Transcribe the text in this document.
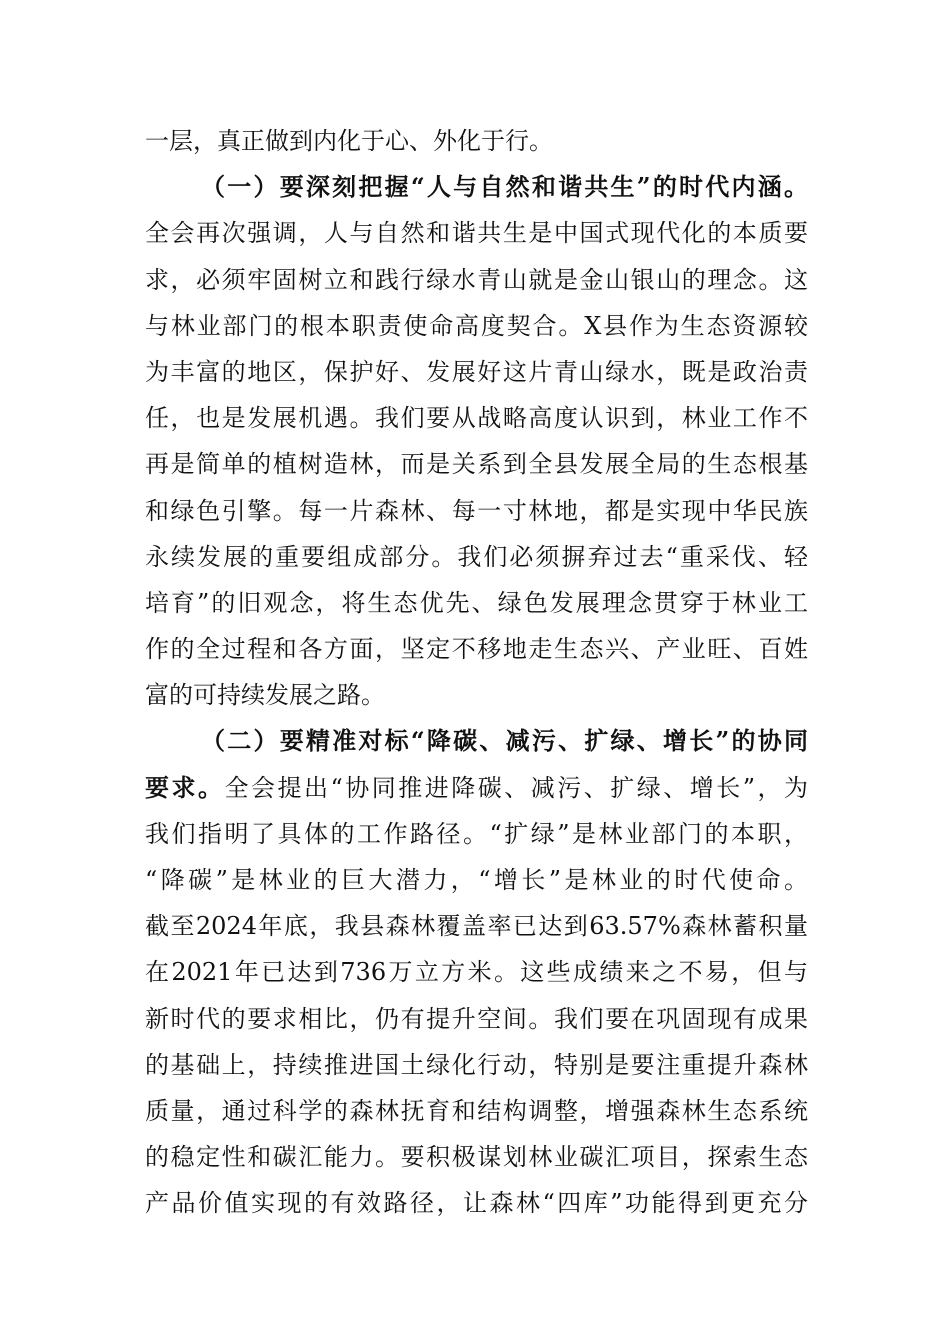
一层，真正做到内化于心、外化于行。
（一）要深刻把握“人与自然和谐共生”的时代内涵。
全会再次强调，人与自然和谐共生是中国式现代化的本质要
求，必须牢固树立和践行绿水青山就是金山银山的理念。这
与林业部门的根本职责使命高度契合。X县作为生态资源较
为丰富的地区，保护好、发展好这片青山绿水，既是政治责
任，也是发展机遇。我们要从战略高度认识到，林业工作不
再是简单的植树造林，而是关系到全县发展全局的生态根基
和绿色引擎。每一片森林、每一寸林地，都是实现中华民族
永续发展的重要组成部分。我们必须摒弃过去“重采伐、轻
培育”的旧观念，将生态优先、绿色发展理念贯穿于林业工
作的全过程和各方面，坚定不移地走生态兴、产业旺、百姓
富的可持续发展之路。
（二）要精准对标“降碳、减污、扩绿、增长”的协同
要求。全会提出“协同推进降碳、减污、扩绿、增长”，为
我们指明了具体的工作路径。“扩绿”是林业部门的本职，
“降碳”是林业的巨大潜力，“增长”是林业的时代使命。
截至2024年底，我县森林覆盖率已达到63.57%森林蓄积量
在2021年已达到736万立方米。这些成绩来之不易，但与
新时代的要求相比，仍有提升空间。我们要在巩固现有成果
的基础上，持续推进国土绿化行动，特别是要注重提升森林
质量，通过科学的森林抚育和结构调整，增强森林生态系统
的稳定性和碳汇能力。要积极谋划林业碳汇项目，探索生态
产品价值实现的有效路径，让森林“四库”功能得到更充分
